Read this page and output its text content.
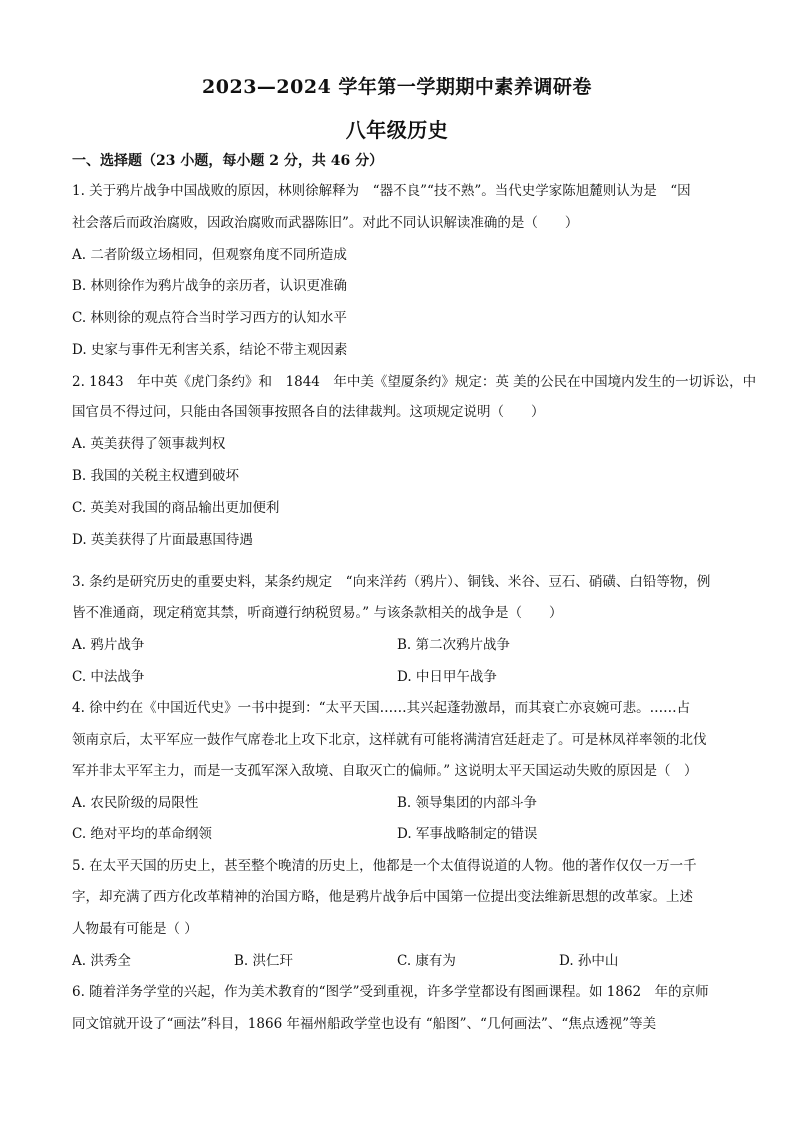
2023—2024 学年第一学期期中素养调研卷
八年级历史
一、选择题（23 小题，每小题 2 分，共 46 分）
1. 关于鸦片战争中国战败的原因，林则徐解释为　“器不良”“技不熟”。当代史学家陈旭麓则认为是　“因
社会落后而政治腐败，因政治腐败而武器陈旧”。对此不同认识解读准确的是（　　）
A. 二者阶级立场相同，但观察角度不同所造成
B. 林则徐作为鸦片战争的亲历者，认识更准确
C. 林则徐的观点符合当时学习西方的认知水平
D. 史家与事件无利害关系，结论不带主观因素
2. 1843　年中英《虎门条约》和　1844　年中美《望厦条约》规定：英 美的公民在中国境内发生的一切诉讼，中
国官员不得过问，只能由各国领事按照各自的法律裁判。这项规定说明（　　）
A. 英美获得了领事裁判权
B. 我国的关税主权遭到破坏
C. 英美对我国的商品输出更加便利
D. 英美获得了片面最惠国待遇
3. 条约是研究历史的重要史料，某条约规定　“向来洋药（鸦片）、铜钱、米谷、豆石、硝磺、白铅等物，例
皆不准通商，现定稍宽其禁，听商遵行纳税贸易。” 与该条款相关的战争是（　　）
A. 鸦片战争	B. 第二次鸦片战争
C. 中法战争	D. 中日甲午战争
4. 徐中约在《中国近代史》一书中提到：“太平天国……其兴起蓬勃激昂，而其衰亡亦哀婉可悲。……占
领南京后，太平军应一鼓作气席卷北上攻下北京，这样就有可能将满清宫廷赶走了。可是林凤祥率领的北伐
军并非太平军主力，而是一支孤军深入敌境、自取灭亡的偏师。” 这说明太平天国运动失败的原因是（　）
A. 农民阶级的局限性	B. 领导集团的内部斗争
C. 绝对平均的革命纲领	D. 军事战略制定的错误
5. 在太平天国的历史上，甚至整个晚清的历史上，他都是一个太值得说道的人物。他的著作仅仅一万一千
字，却充满了西方化改革精神的治国方略，他是鸦片战争后中国第一位提出变法维新思想的改革家。上述
人物最有可能是（ ）
A. 洪秀全	B. 洪仁玕	C. 康有为	D. 孙中山
6. 随着洋务学堂的兴起，作为美术教育的“图学”受到重视，许多学堂都设有图画课程。如 1862　年的京师
同文馆就开设了“画法”科目，1866 年福州船政学堂也设有 “船图”、“几何画法”、“焦点透视”等美
